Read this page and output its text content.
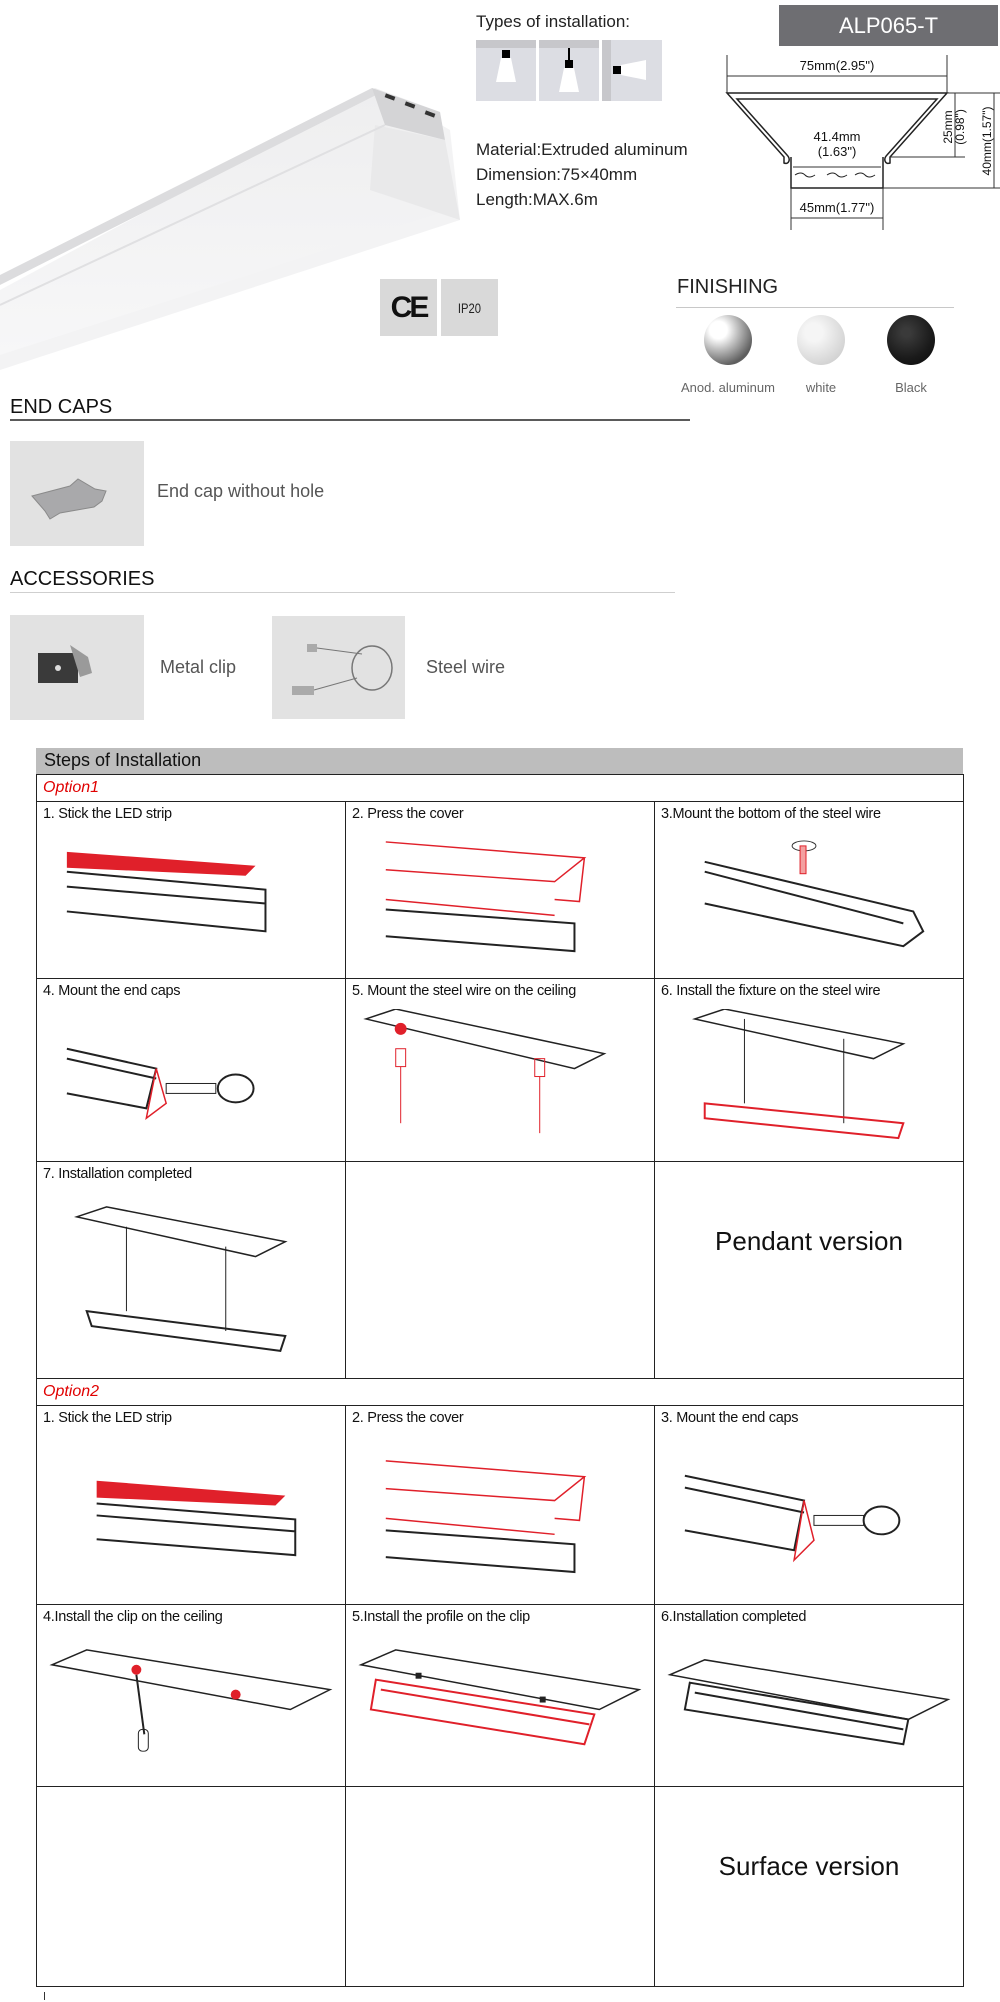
Types of installation:
Material:Extruded aluminum
Dimension:75×40mm
Length:MAX.6m
ALP065-T
75mm(2.95")
41.4mm
(1.63")
45mm(1.77")
25mm
(0.98") 40mm(1.57")
CE	IP20
FINISHING
Anod. aluminum	white	Black
END CAPS
End cap without hole
ACCESSORIES
Metal clip	Steel wire
Steps of Installation
Option1		

1. Stick the LED strip	2. Press the cover	3.Mount the bottom of the steel wire

4. Mount the end caps	5. Mount the steel wire on the ceiling	6. Install the fixture on the steel wire

7. Installation completed		Pendant version

Option2		

1. Stick the LED strip	2. Press the cover	3. Mount the end caps

4.Install the clip on the ceiling	5.Install the profile on the clip	6.Installation completed

		Surface version
